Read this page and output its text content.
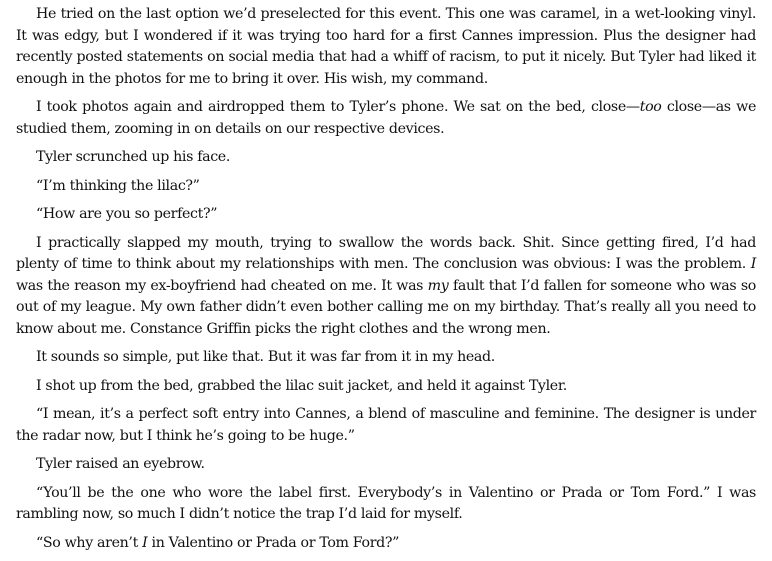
He tried on the last option we’d preselected for this event. This one was caramel, in a wet-looking vinyl. It was edgy, but I wondered if it was trying too hard for a first Cannes impression. Plus the designer had recently posted statements on social media that had a whiff of racism, to put it nicely. But Tyler had liked it enough in the photos for me to bring it over. His wish, my command.

I took photos again and airdropped them to Tyler’s phone. We sat on the bed, close—too close—as we studied them, zooming in on details on our respective devices.

Tyler scrunched up his face.

“I’m thinking the lilac?”

“How are you so perfect?”

I practically slapped my mouth, trying to swallow the words back. Shit. Since getting fired, I’d had plenty of time to think about my relationships with men. The conclusion was obvious: I was the problem. I was the reason my ex-boyfriend had cheated on me. It was my fault that I’d fallen for someone who was so out of my league. My own father didn’t even bother calling me on my birthday. That’s really all you need to know about me. Constance Griffin picks the right clothes and the wrong men.

It sounds so simple, put like that. But it was far from it in my head.

I shot up from the bed, grabbed the lilac suit jacket, and held it against Tyler.

“I mean, it’s a perfect soft entry into Cannes, a blend of masculine and feminine. The designer is under the radar now, but I think he’s going to be huge.”

Tyler raised an eyebrow.

“You’ll be the one who wore the label first. Everybody’s in Valentino or Prada or Tom Ford.” I was rambling now, so much I didn’t notice the trap I’d laid for myself.

“So why aren’t I in Valentino or Prada or Tom Ford?”
